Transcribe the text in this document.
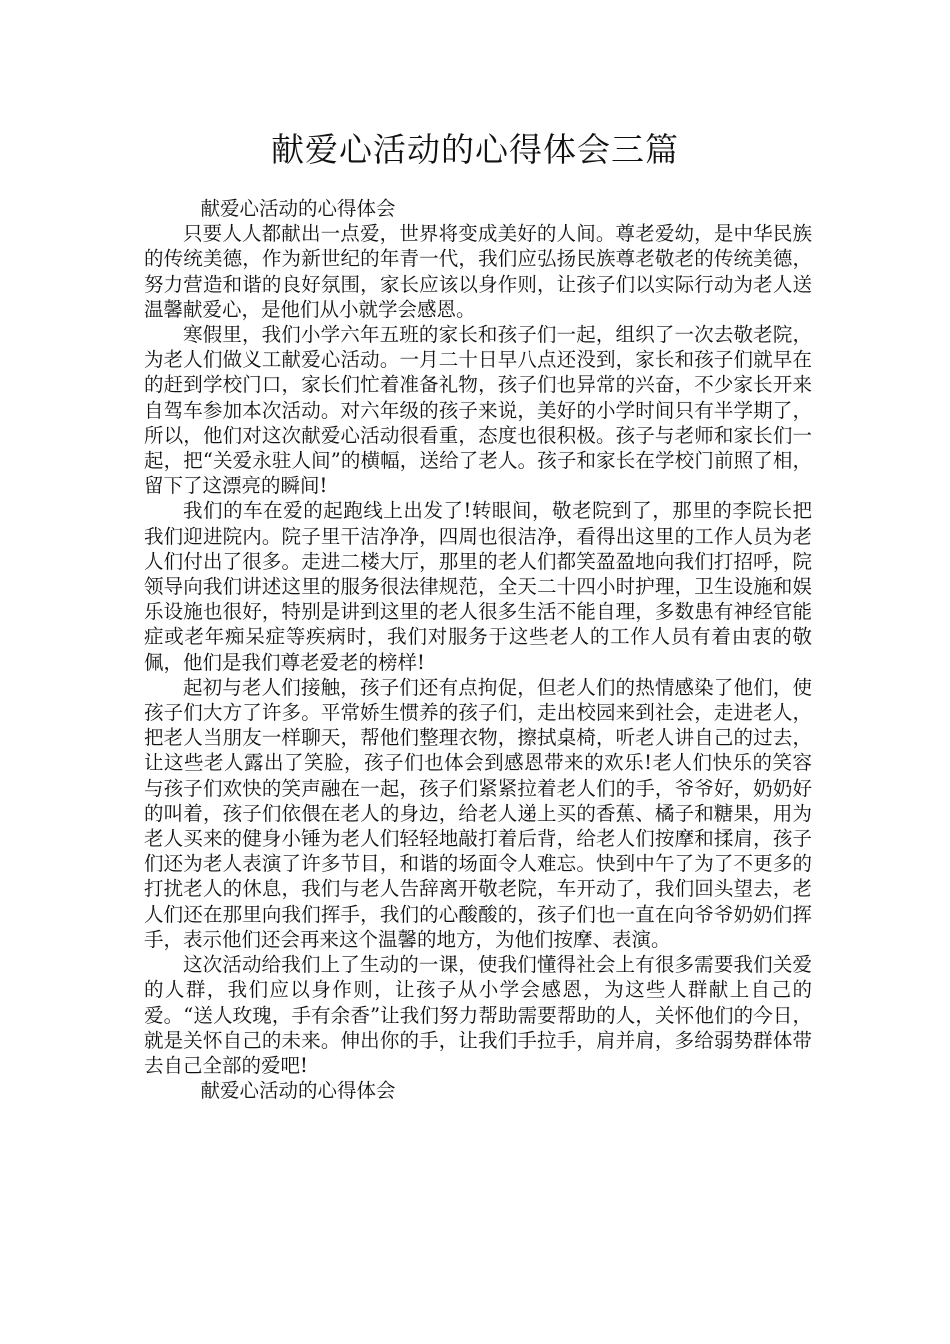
献爱心活动的心得体会三篇

献爱心活动的心得体会

只要人人都献出一点爱，世界将变成美好的人间。尊老爱幼，是中华民族的传统美德，作为新世纪的年青一代，我们应弘扬民族尊老敬老的传统美德，努力营造和谐的良好氛围，家长应该以身作则，让孩子们以实际行动为老人送温馨献爱心，是他们从小就学会感恩。

寒假里，我们小学六年五班的家长和孩子们一起，组织了一次去敬老院，为老人们做义工献爱心活动。一月二十日早八点还没到，家长和孩子们就早在的赶到学校门口，家长们忙着准备礼物，孩子们也异常的兴奋，不少家长开来自驾车参加本次活动。对六年级的孩子来说，美好的小学时间只有半学期了，所以，他们对这次献爱心活动很看重，态度也很积极。孩子与老师和家长们一起，把“关爱永驻人间”的横幅，送给了老人。孩子和家长在学校门前照了相，留下了这漂亮的瞬间!

我们的车在爱的起跑线上出发了!转眼间，敬老院到了，那里的李院长把我们迎进院内。院子里干洁净净，四周也很洁净，看得出这里的工作人员为老人们付出了很多。走进二楼大厅，那里的老人们都笑盈盈地向我们打招呼，院领导向我们讲述这里的服务很法律规范，全天二十四小时护理，卫生设施和娱乐设施也很好，特别是讲到这里的老人很多生活不能自理，多数患有神经官能症或老年痴呆症等疾病时，我们对服务于这些老人的工作人员有着由衷的敬佩，他们是我们尊老爱老的榜样!

起初与老人们接触，孩子们还有点拘促，但老人们的热情感染了他们，使孩子们大方了许多。平常娇生惯养的孩子们，走出校园来到社会，走进老人，把老人当朋友一样聊天，帮他们整理衣物，擦拭桌椅，听老人讲自己的过去，让这些老人露出了笑脸，孩子们也体会到感恩带来的欢乐!老人们快乐的笑容与孩子们欢快的笑声融在一起，孩子们紧紧拉着老人们的手，爷爷好，奶奶好的叫着，孩子们依偎在老人的身边，给老人递上买的香蕉、橘子和糖果，用为老人买来的健身小锤为老人们轻轻地敲打着后背，给老人们按摩和揉肩，孩子们还为老人表演了许多节目，和谐的场面令人难忘。快到中午了为了不更多的打扰老人的休息，我们与老人告辞离开敬老院，车开动了，我们回头望去，老人们还在那里向我们挥手，我们的心酸酸的，孩子们也一直在向爷爷奶奶们挥手，表示他们还会再来这个温馨的地方，为他们按摩、表演。

这次活动给我们上了生动的一课，使我们懂得社会上有很多需要我们关爱的人群，我们应以身作则，让孩子从小学会感恩，为这些人群献上自己的爱。“送人玫瑰，手有余香”让我们努力帮助需要帮助的人，关怀他们的今日，就是关怀自己的未来。伸出你的手，让我们手拉手，肩并肩，多给弱势群体带去自己全部的爱吧!

献爱心活动的心得体会
